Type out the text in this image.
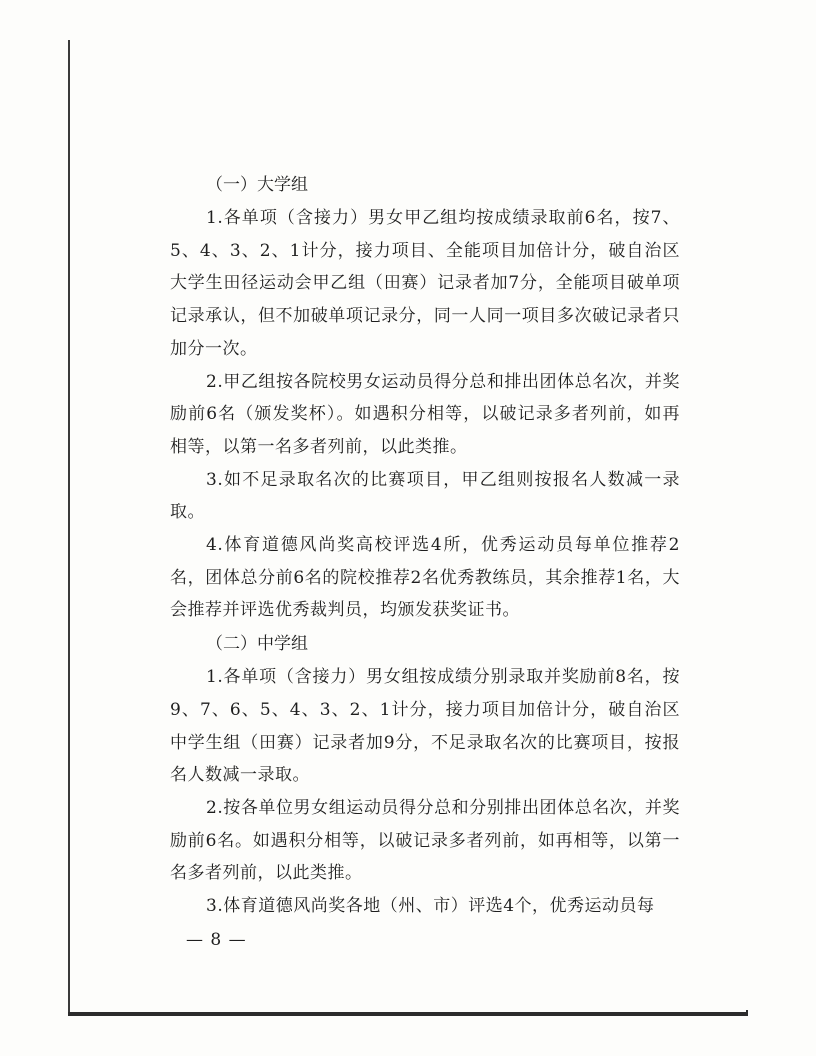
（一）大学组

1.各单项（含接力）男女甲乙组均按成绩录取前6名，按7、5、4、3、2、1计分，接力项目、全能项目加倍计分，破自治区大学生田径运动会甲乙组（田赛）记录者加7分，全能项目破单项记录承认，但不加破单项记录分，同一人同一项目多次破记录者只加分一次。

2.甲乙组按各院校男女运动员得分总和排出团体总名次，并奖励前6名（颁发奖杯）。如遇积分相等，以破记录多者列前，如再相等，以第一名多者列前，以此类推。

3.如不足录取名次的比赛项目，甲乙组则按报名人数减一录取。

4.体育道德风尚奖高校评选4所，优秀运动员每单位推荐2名，团体总分前6名的院校推荐2名优秀教练员，其余推荐1名，大会推荐并评选优秀裁判员，均颁发获奖证书。

（二）中学组

1.各单项（含接力）男女组按成绩分别录取并奖励前8名，按9、7、6、5、4、3、2、1计分，接力项目加倍计分，破自治区中学生组（田赛）记录者加9分，不足录取名次的比赛项目，按报名人数减一录取。

2.按各单位男女组运动员得分总和分别排出团体总名次，并奖励前6名。如遇积分相等，以破记录多者列前，如再相等，以第一名多者列前，以此类推。

3.体育道德风尚奖各地（州、市）评选4个，优秀运动员每

— 8 —
